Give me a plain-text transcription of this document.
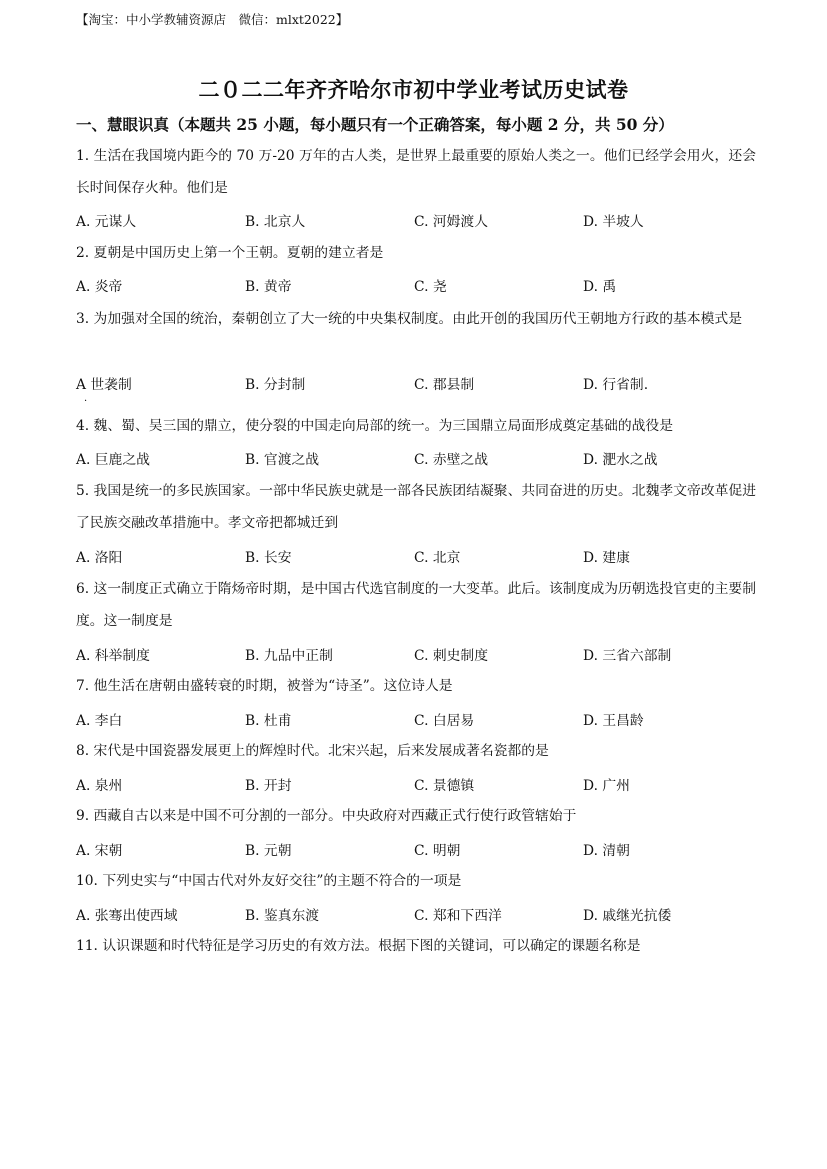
【淘宝：中小学教辅资源店　微信：mlxt2022】
二０二二年齐齐哈尔市初中学业考试历史试卷
一、慧眼识真（本题共 25 小题，每小题只有一个正确答案，每小题 2 分，共 50 分）
1. 生活在我国境内距今的 70 万-20 万年的古人类，是世界上最重要的原始人类之一。他们已经学会用火，还会长时间保存火种。他们是
A. 元谋人	B. 北京人	C. 河姆渡人	D. 半坡人
2. 夏朝是中国历史上第一个王朝。夏朝的建立者是
A. 炎帝	B. 黄帝	C. 尧	D. 禹
3. 为加强对全国的统治，秦朝创立了大一统的中央集权制度。由此开创的我国历代王朝地方行政的基本模式是
A 世袭制	B. 分封制	C. 郡县制	D. 行省制.
·
4. 魏、蜀、吴三国的鼎立，使分裂的中国走向局部的统一。为三国鼎立局面形成奠定基础的战役是
A. 巨鹿之战	B. 官渡之战	C. 赤壁之战	D. 淝水之战
5. 我国是统一的多民族国家。一部中华民族史就是一部各民族团结凝聚、共同奋进的历史。北魏孝文帝改革促进了民族交融改革措施中。孝文帝把都城迁到
A. 洛阳	B. 长安	C. 北京	D. 建康
6. 这一制度正式确立于隋炀帝时期，是中国古代选官制度的一大变革。此后。该制度成为历朝选投官吏的主要制度。这一制度是
A. 科举制度	B. 九品中正制	C. 刺史制度	D. 三省六部制
7. 他生活在唐朝由盛转衰的时期，被誉为“诗圣”。这位诗人是
A. 李白	B. 杜甫	C. 白居易	D. 王昌龄
8. 宋代是中国瓷器发展更上的辉煌时代。北宋兴起，后来发展成著名瓷都的是
A. 泉州	B. 开封	C. 景德镇	D. 广州
9. 西藏自古以来是中国不可分割的一部分。中央政府对西藏正式行使行政管辖始于
A. 宋朝	B. 元朝	C. 明朝	D. 清朝
10. 下列史实与“中国古代对外友好交往”的主题不符合的一项是
A. 张骞出使西域	B. 鉴真东渡	C. 郑和下西洋	D. 戚继光抗倭
11. 认识课题和时代特征是学习历史的有效方法。根据下图的关键词，可以确定的课题名称是
